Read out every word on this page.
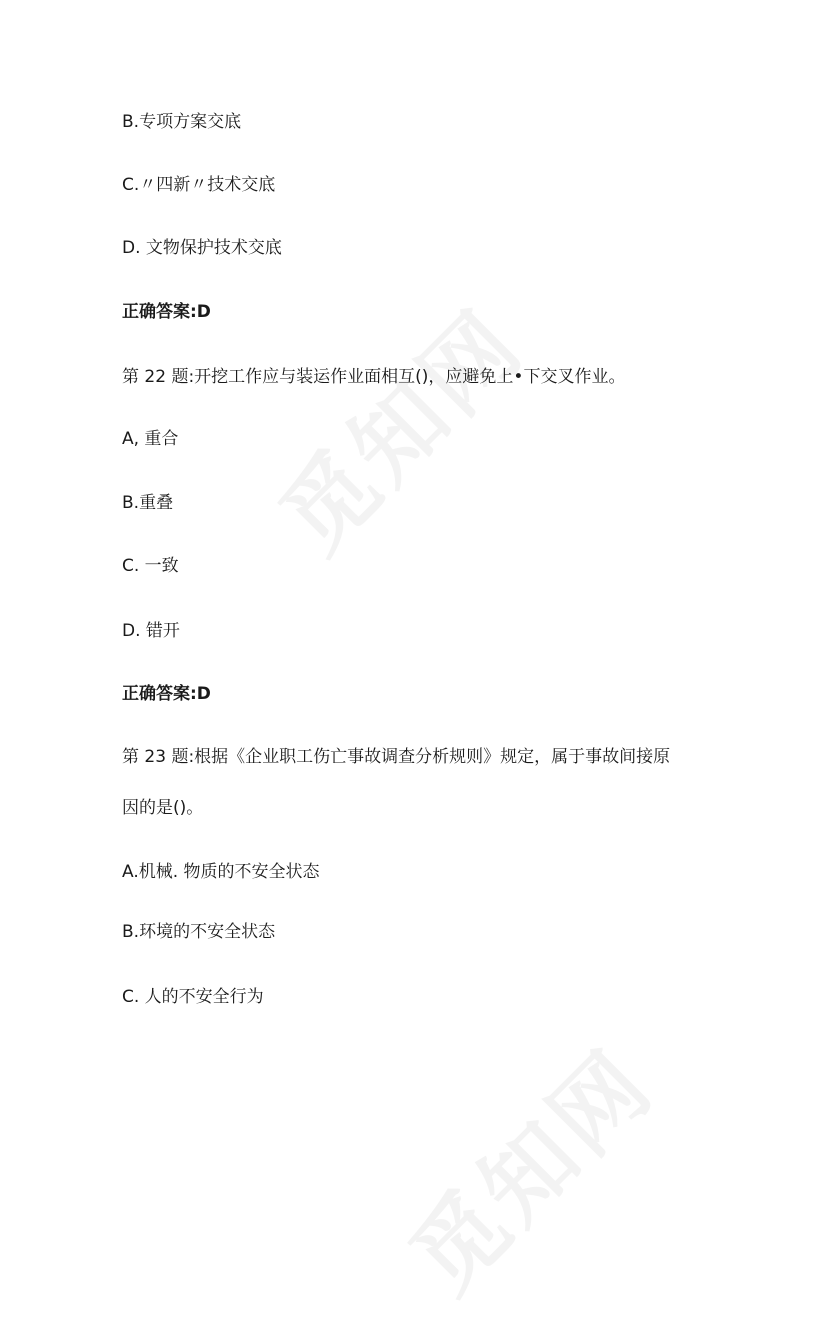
B.专项方案交底
C.〃四新〃技术交底
D. 文物保护技术交底
正确答案:D
第 22 题:开挖工作应与装运作业面相互()，应避免上•下交叉作业。
A, 重合
B.重叠
C. 一致
D. 错开
正确答案:D
第 23 题:根据《企业职工伤亡事故调查分析规则》规定，属于事故间接原
因的是()。
A.机械. 物质的不安全状态
B.环境的不安全状态
C. 人的不安全行为
